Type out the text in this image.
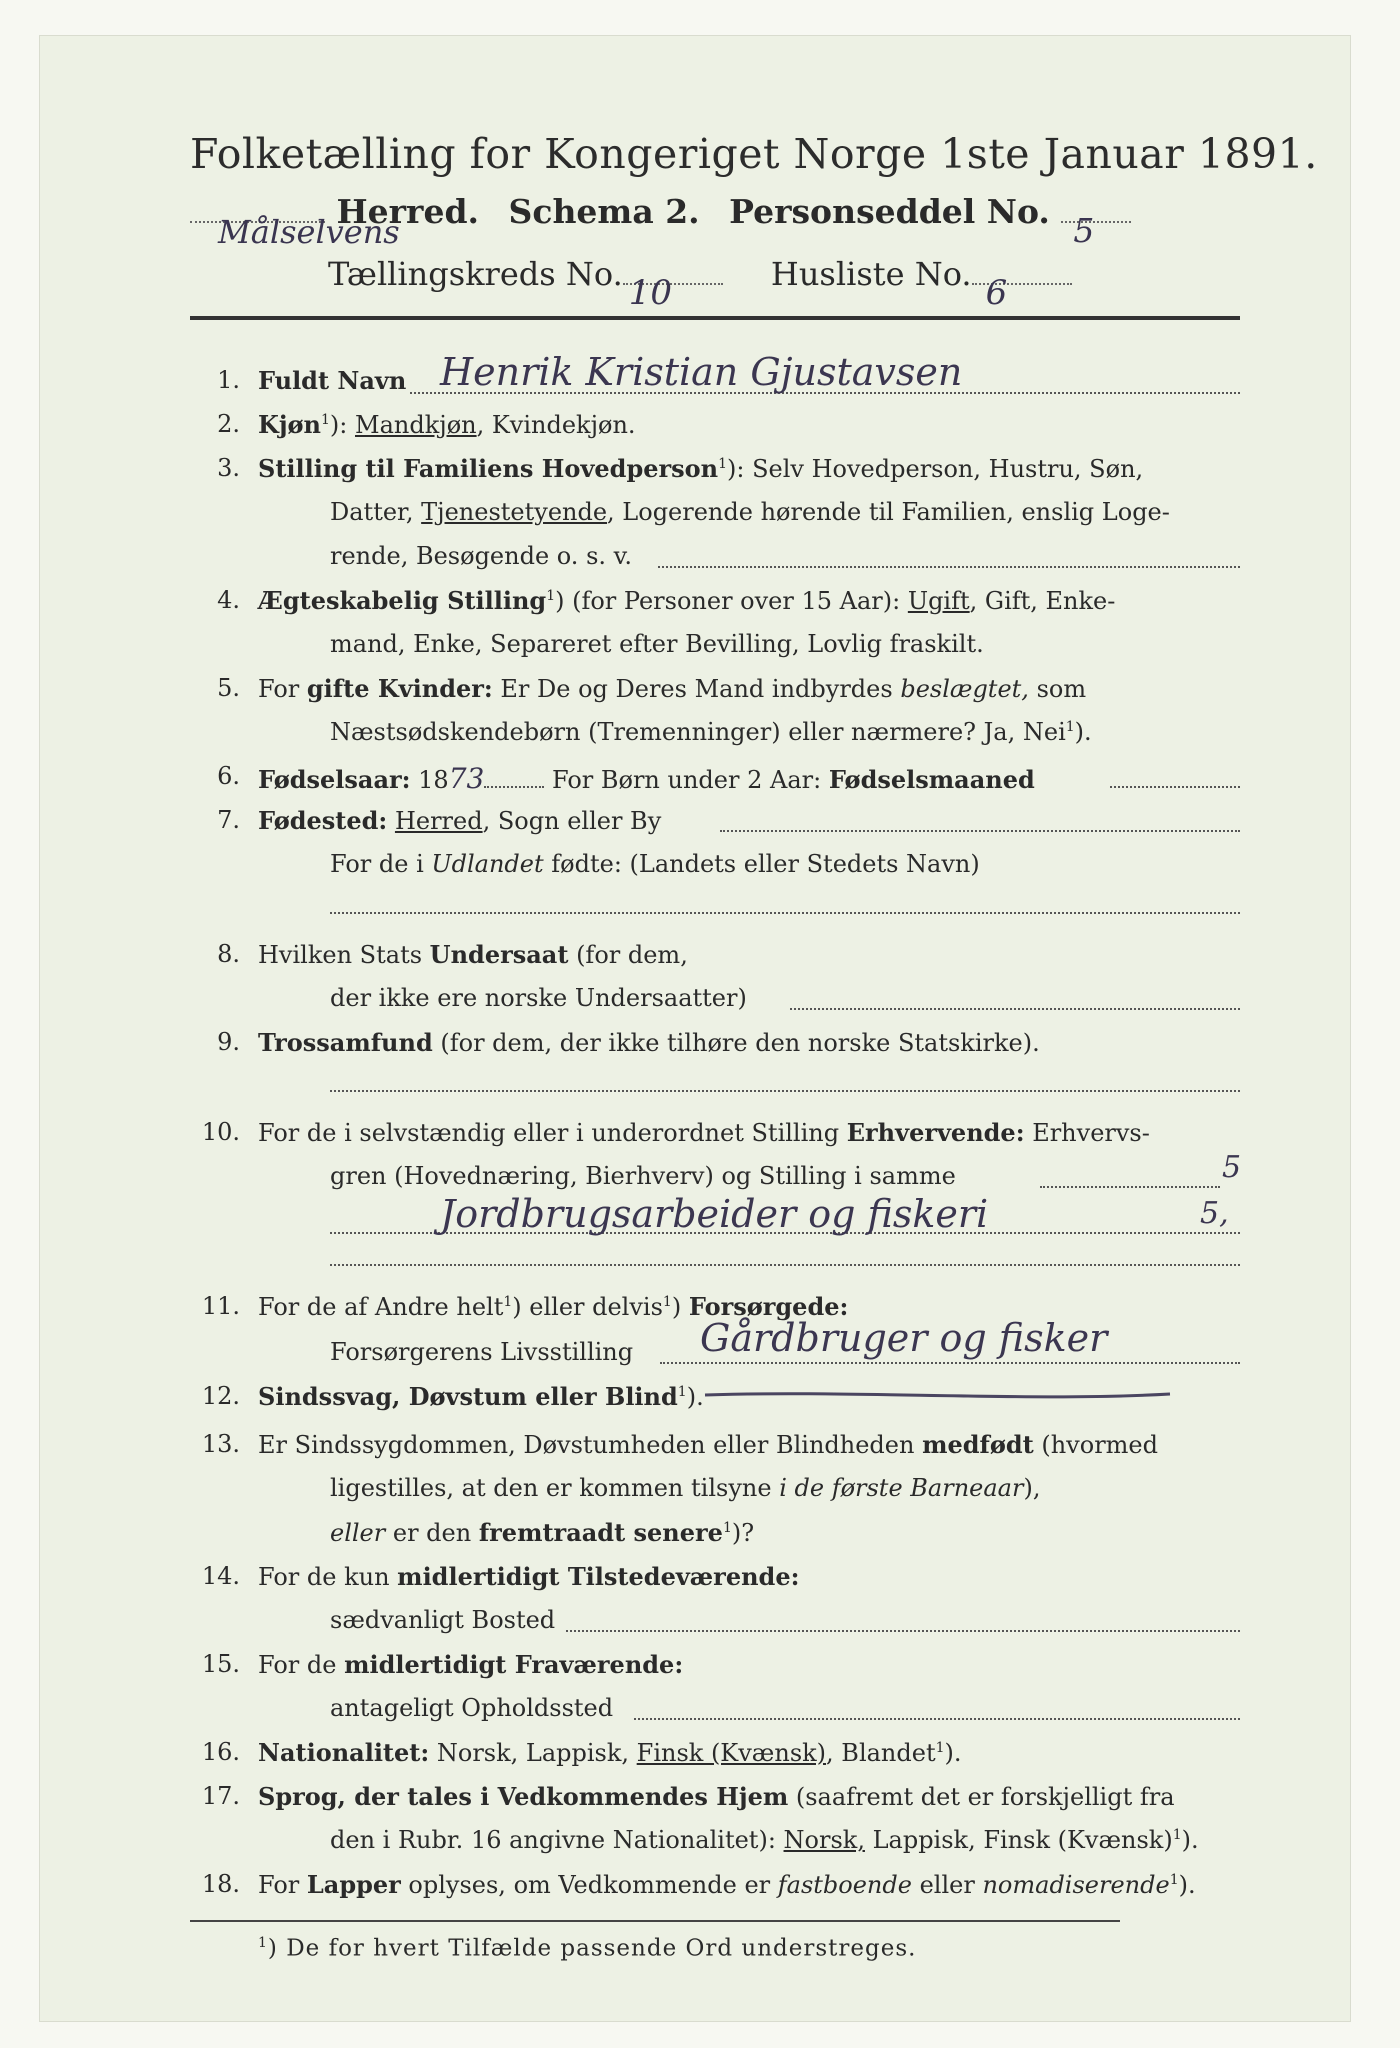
Folketælling for Kongeriget Norge 1ste Januar 1891.
Målselvens
Herred. Schema 2. Personseddel No. 5
Tællingskreds No. 10	Husliste No. 6
1. Fuldt Navn Henrik Kristian Gjustavsen
2. Kjøn$^1$): Mandkjøn, Kvindekjøn.
3. Stilling til Familiens Hovedperson$^1$): Selv Hovedperson, Hustru, Søn,
Datter, Tjenestetyende, Logerende hørende til Familien, enslig Loge-
rende, Besøgende o. s. v.
4. Ægteskabelig Stilling$^1$) (for Personer over 15 Aar): Ugift, Gift, Enke-
mand, Enke, Separeret efter Bevilling, Lovlig fraskilt.
5. For gifte Kvinder: Er De og Deres Mand indbyrdes beslægtet, som
Næstsødskendebørn (Tremenninger) eller nærmere? Ja, Nei$^1$).
6. Fødselsaar: 1873	For Børn under 2 Aar: Fødselsmaaned
7. Fødested: Herred, Sogn eller By
For de i Udlandet fødte: (Landets eller Stedets Navn)
8. Hvilken Stats Undersaat (for dem,
der ikke ere norske Undersaatter)
9. Trossamfund (for dem, der ikke tilhøre den norske Statskirke).
10. For de i selvstændig eller i underordnet Stilling Erhvervende: Erhvervs-
gren (Hovednæring, Bierhverv) og Stilling i samme	5
Jordbrugsarbeider og fiskeri	5,
11. For de af Andre helt$^1$) eller delvis$^1$) Forsørgede:
Forsørgerens Livsstilling Gårdbruger og fisker
12. Sindssvag, Døvstum eller Blind$^1$).
13. Er Sindssygdommen, Døvstumheden eller Blindheden medfødt (hvormed
ligestilles, at den er kommen tilsyne i de første Barneaar),
eller er den fremtraadt senere$^1$)?
14. For de kun midlertidigt Tilstedeværende:
sædvanligt Bosted
15. For de midlertidigt Fraværende:
antageligt Opholdssted
16. Nationalitet: Norsk, Lappisk, Finsk (Kvænsk), Blandet$^1$).
17. Sprog, der tales i Vedkommendes Hjem (saafremt det er forskjelligt fra
den i Rubr. 16 angivne Nationalitet): Norsk, Lappisk, Finsk (Kvænsk)$^1$).
18. For Lapper oplyses, om Vedkommende er fastboende eller nomadiserende$^1$).
$^1$) De for hvert Tilfælde passende Ord understreges.
